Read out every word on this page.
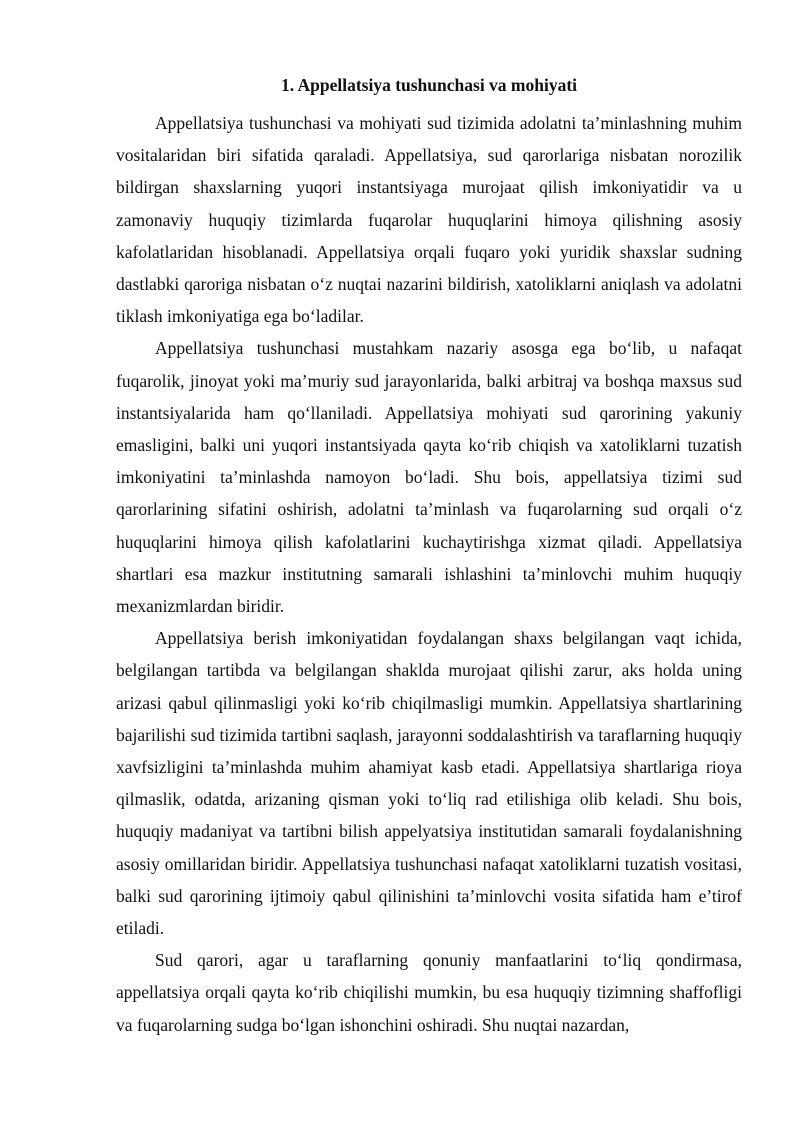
1. Appellatsiya tushunchasi va mohiyati

Appellatsiya tushunchasi va mohiyati sud tizimida adolatni ta’minlashning muhim vositalaridan biri sifatida qaraladi. Appellatsiya, sud qarorlariga nisbatan norozilik bildirgan shaxslarning yuqori instantsiyaga murojaat qilish imkoniyatidir va u zamonaviy huquqiy tizimlarda fuqarolar huquqlarini himoya qilishning asosiy kafolatlaridan hisoblanadi. Appellatsiya orqali fuqaro yoki yuridik shaxslar sudning dastlabki qaroriga nisbatan o‘z nuqtai nazarini bildirish, xatoliklarni aniqlash va adolatni tiklash imkoniyatiga ega bo‘ladilar.

Appellatsiya tushunchasi mustahkam nazariy asosga ega bo‘lib, u nafaqat fuqarolik, jinoyat yoki ma’muriy sud jarayonlarida, balki arbitraj va boshqa maxsus sud instantsiyalarida ham qo‘llaniladi. Appellatsiya mohiyati sud qarorining yakuniy emasligini, balki uni yuqori instantsiyada qayta ko‘rib chiqish va xatoliklarni tuzatish imkoniyatini ta’minlashda namoyon bo‘ladi. Shu bois, appellatsiya tizimi sud qarorlarining sifatini oshirish, adolatni ta’minlash va fuqarolarning sud orqali o‘z huquqlarini himoya qilish kafolatlarini kuchaytirishga xizmat qiladi. Appellatsiya shartlari esa mazkur institutning samarali ishlashini ta’minlovchi muhim huquqiy mexanizmlardan biridir.

Appellatsiya berish imkoniyatidan foydalangan shaxs belgilangan vaqt ichida, belgilangan tartibda va belgilangan shaklda murojaat qilishi zarur, aks holda uning arizasi qabul qilinmasligi yoki ko‘rib chiqilmasligi mumkin. Appellatsiya shartlarining bajarilishi sud tizimida tartibni saqlash, jarayonni soddalashtirish va taraflarning huquqiy xavfsizligini ta’minlashda muhim ahamiyat kasb etadi. Appellatsiya shartlariga rioya qilmaslik, odatda, arizaning qisman yoki to‘liq rad etilishiga olib keladi. Shu bois, huquqiy madaniyat va tartibni bilish appelyatsiya institutidan samarali foydalanishning asosiy omillaridan biridir. Appellatsiya tushunchasi nafaqat xatoliklarni tuzatish vositasi, balki sud qarorining ijtimoiy qabul qilinishini ta’minlovchi vosita sifatida ham e’tirof etiladi.

Sud qarori, agar u taraflarning qonuniy manfaatlarini to‘liq qondirmasa, appellatsiya orqali qayta ko‘rib chiqilishi mumkin, bu esa huquqiy tizimning shaffofligi va fuqarolarning sudga bo‘lgan ishonchini oshiradi. Shu nuqtai nazardan,
